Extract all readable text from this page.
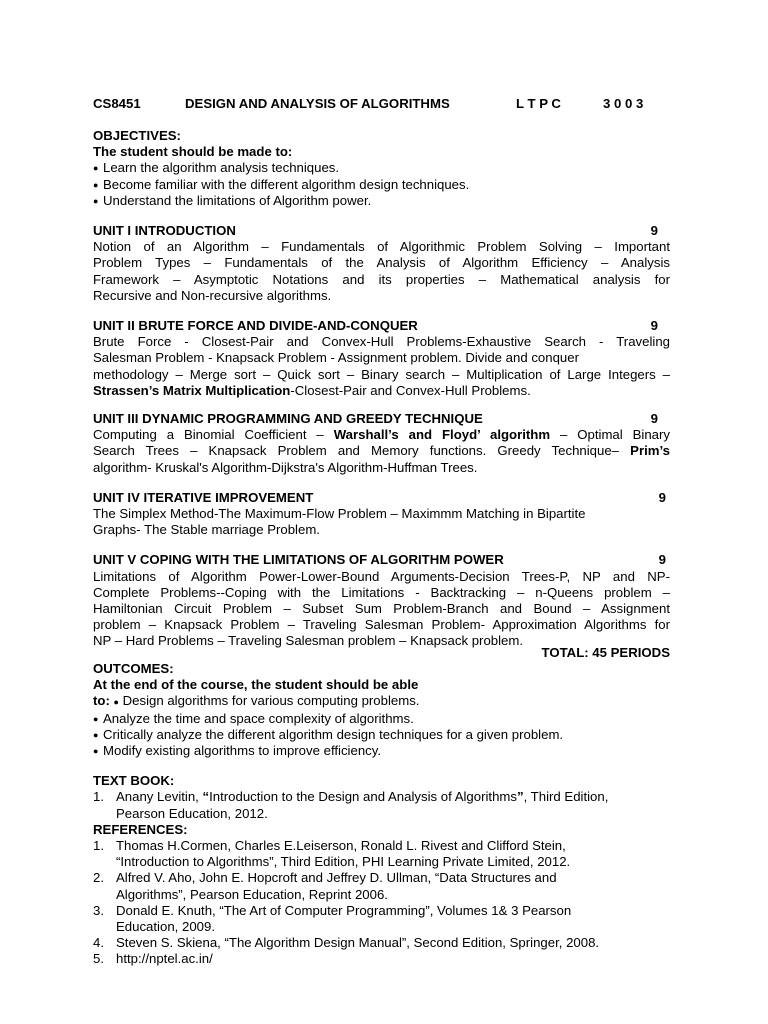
CS8451	DESIGN AND ANALYSIS OF ALGORITHMS	L T P C	3 0 0 3
OBJECTIVES:
The student should be made to:
● Learn the algorithm analysis techniques.
● Become familiar with the different algorithm design techniques.
● Understand the limitations of Algorithm power.
UNIT I INTRODUCTION	9
Notion of an Algorithm – Fundamentals of Algorithmic Problem Solving – Important
Problem Types – Fundamentals of the Analysis of Algorithm Efficiency – Analysis
Framework – Asymptotic Notations and its properties – Mathematical analysis for
Recursive and Non-recursive algorithms.
UNIT II BRUTE FORCE AND DIVIDE-AND-CONQUER	9
Brute Force - Closest-Pair and Convex-Hull Problems-Exhaustive Search - Traveling
Salesman Problem - Knapsack Problem - Assignment problem. Divide and conquer
methodology – Merge sort – Quick sort – Binary search – Multiplication of Large Integers –
Strassen’s Matrix Multiplication-Closest-Pair and Convex-Hull Problems.
UNIT III DYNAMIC PROGRAMMING AND GREEDY TECHNIQUE	9
Computing a Binomial Coefficient – Warshall’s and Floyd’ algorithm – Optimal Binary
Search Trees – Knapsack Problem and Memory functions. Greedy Technique– Prim’s
algorithm- Kruskal's Algorithm-Dijkstra's Algorithm-Huffman Trees.
UNIT IV ITERATIVE IMPROVEMENT	9
The Simplex Method-The Maximum-Flow Problem – Maximmm Matching in Bipartite
Graphs- The Stable marriage Problem.
UNIT V COPING WITH THE LIMITATIONS OF ALGORITHM POWER	9
Limitations of Algorithm Power-Lower-Bound Arguments-Decision Trees-P, NP and NP-
Complete Problems--Coping with the Limitations - Backtracking – n-Queens problem –
Hamiltonian Circuit Problem – Subset Sum Problem-Branch and Bound – Assignment
problem – Knapsack Problem – Traveling Salesman Problem- Approximation Algorithms for
NP – Hard Problems – Traveling Salesman problem – Knapsack problem.
TOTAL: 45 PERIODS
OUTCOMES:
At the end of the course, the student should be able
to: ● Design algorithms for various computing problems.
● Analyze the time and space complexity of algorithms.
● Critically analyze the different algorithm design techniques for a given problem.
● Modify existing algorithms to improve efficiency.
TEXT BOOK:
1. Anany Levitin, “Introduction to the Design and Analysis of Algorithms”, Third Edition,
Pearson Education, 2012.
REFERENCES:
1. Thomas H.Cormen, Charles E.Leiserson, Ronald L. Rivest and Clifford Stein,
“Introduction to Algorithms”, Third Edition, PHI Learning Private Limited, 2012.
2. Alfred V. Aho, John E. Hopcroft and Jeffrey D. Ullman, “Data Structures and
Algorithms”, Pearson Education, Reprint 2006.
3. Donald E. Knuth, “The Art of Computer Programming”, Volumes 1& 3 Pearson
Education, 2009.
4. Steven S. Skiena, “The Algorithm Design Manual”, Second Edition, Springer, 2008.
5. http://nptel.ac.in/
